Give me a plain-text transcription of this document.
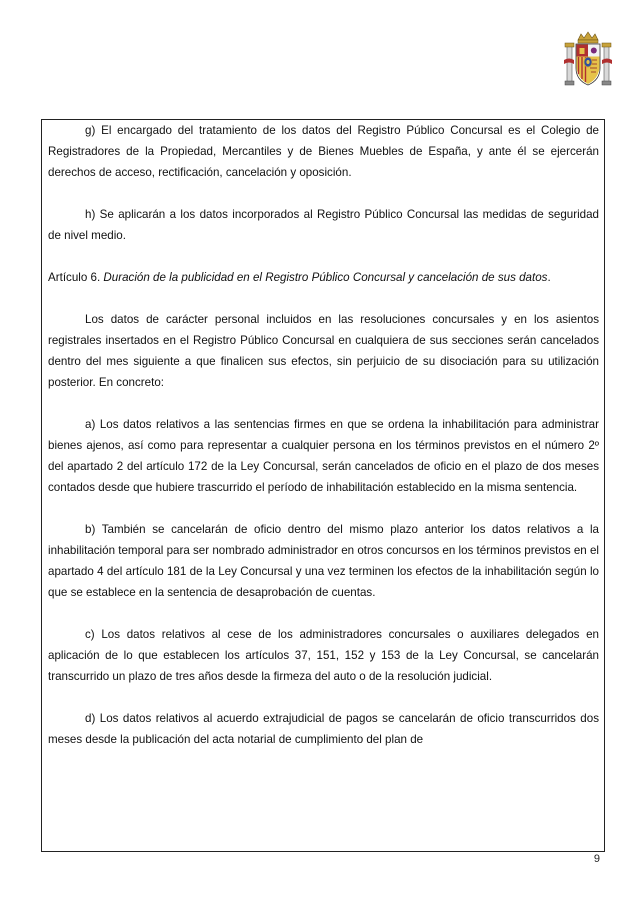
g) El encargado del tratamiento de los datos del Registro Público Concursal es el Colegio de Registradores de la Propiedad, Mercantiles y de Bienes Muebles de España, y ante él se ejercerán derechos de acceso, rectificación, cancelación y oposición.

h) Se aplicarán a los datos incorporados al Registro Público Concursal las medidas de seguridad de nivel medio.

Artículo 6. Duración de la publicidad en el Registro Público Concursal y cancelación de sus datos.

Los datos de carácter personal incluidos en las resoluciones concursales y en los asientos registrales insertados en el Registro Público Concursal en cualquiera de sus secciones serán cancelados dentro del mes siguiente a que finalicen sus efectos, sin perjuicio de su disociación para su utilización posterior. En concreto:

a) Los datos relativos a las sentencias firmes en que se ordena la inhabilitación para administrar bienes ajenos, así como para representar a cualquier persona en los términos previstos en el número 2º del apartado 2 del artículo 172 de la Ley Concursal, serán cancelados de oficio en el plazo de dos meses contados desde que hubiere trascurrido el período de inhabilitación establecido en la misma sentencia.

b) También se cancelarán de oficio dentro del mismo plazo anterior los datos relativos a la inhabilitación temporal para ser nombrado administrador en otros concursos en los términos previstos en el apartado 4 del artículo 181 de la Ley Concursal y una vez terminen los efectos de la inhabilitación según lo que se establece en la sentencia de desaprobación de cuentas.

c) Los datos relativos al cese de los administradores concursales o auxiliares delegados en aplicación de lo que establecen los artículos 37, 151, 152 y 153 de la Ley Concursal, se cancelarán transcurrido un plazo de tres años desde la firmeza del auto o de la resolución judicial.

d) Los datos relativos al acuerdo extrajudicial de pagos se cancelarán de oficio transcurridos dos meses desde la publicación del acta notarial de cumplimiento del plan de

9
